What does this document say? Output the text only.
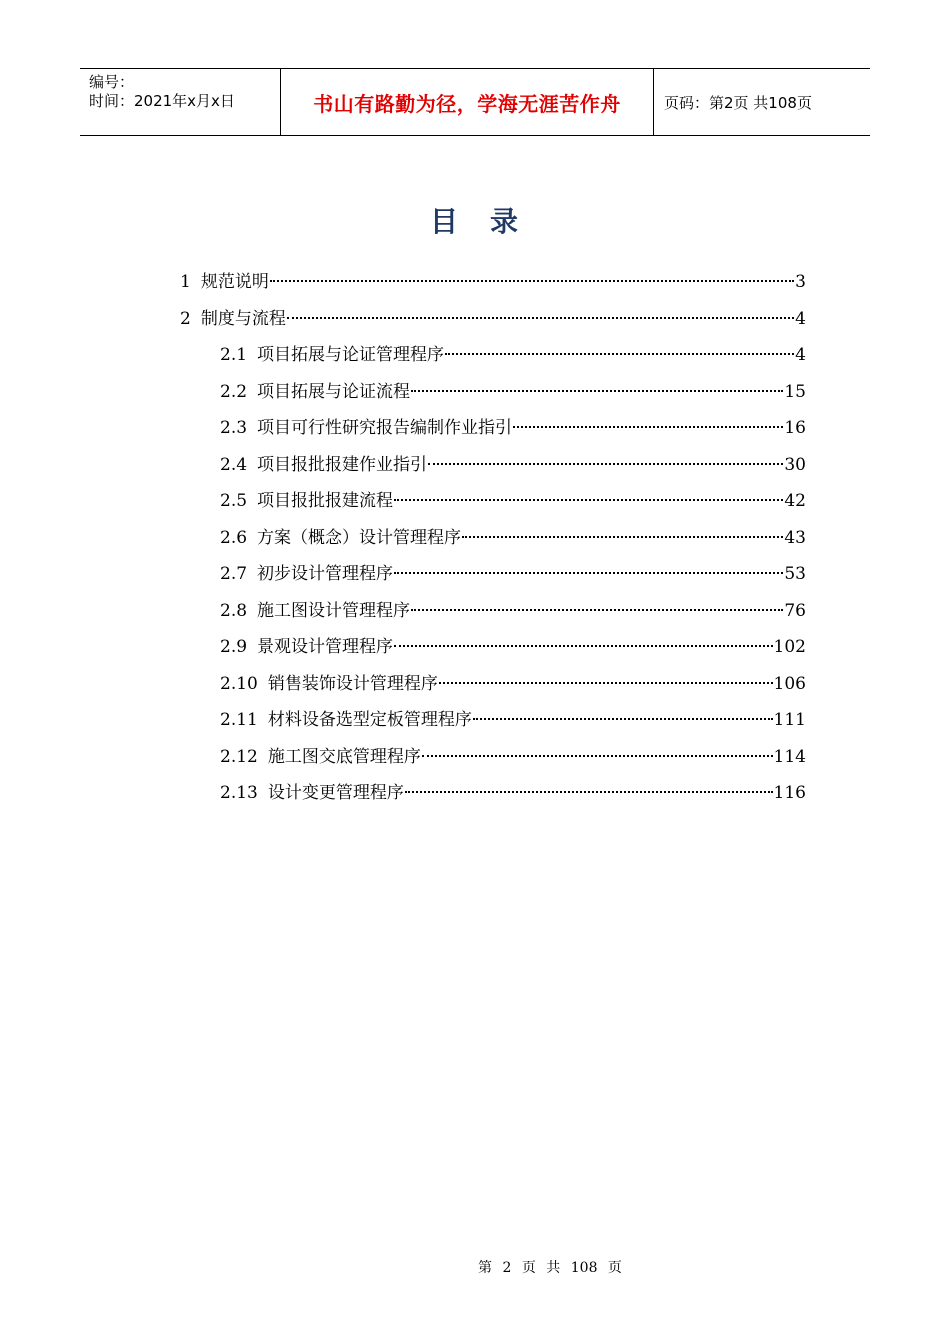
编号：
时间：2021年x月x日	书山有路勤为径，学海无涯苦作舟	页码：第2页 共108页
目 录
1 规范说明	3
2 制度与流程	4
2.1 项目拓展与论证管理程序	4
2.2 项目拓展与论证流程	15
2.3 项目可行性研究报告编制作业指引	16
2.4 项目报批报建作业指引	30
2.5 项目报批报建流程	42
2.6 方案（概念）设计管理程序	43
2.7 初步设计管理程序	53
2.8 施工图设计管理程序	76
2.9 景观设计管理程序	102
2.10 销售装饰设计管理程序	106
2.11 材料设备选型定板管理程序	111
2.12 施工图交底管理程序	114
2.13 设计变更管理程序	116
第 2 页 共 108 页
